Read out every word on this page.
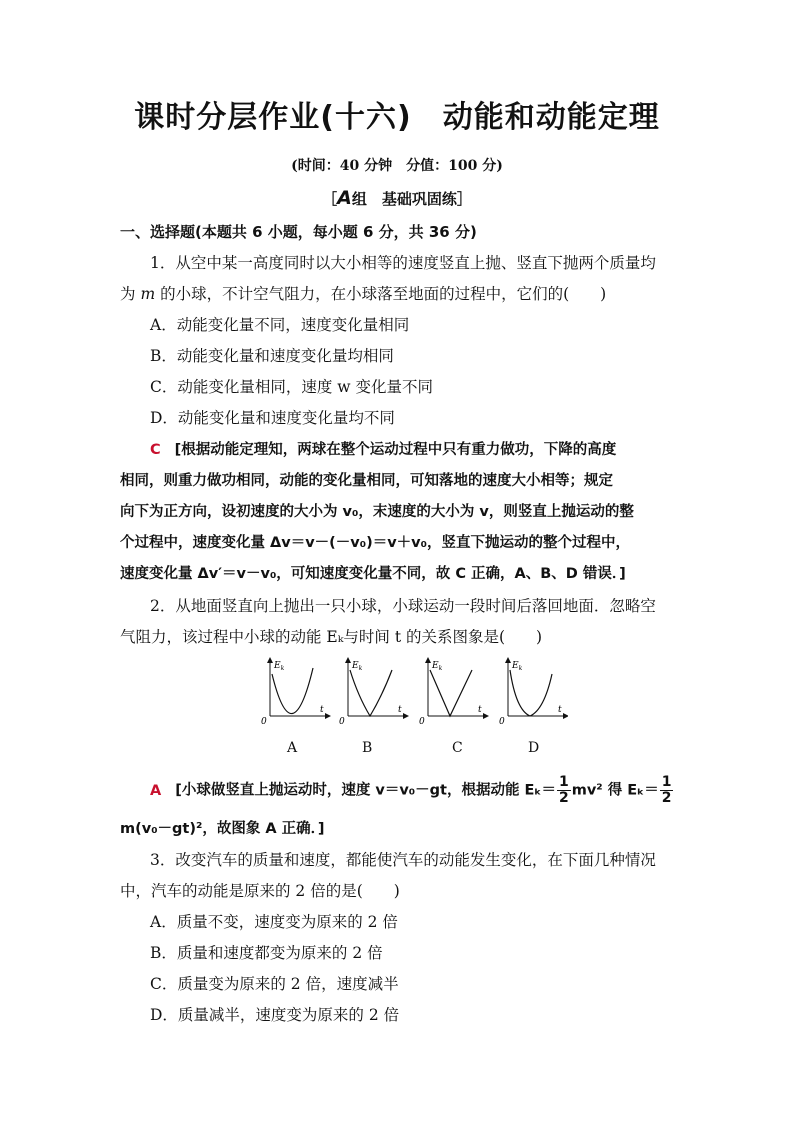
课时分层作业(十六)　动能和动能定理
(时间：40 分钟　分值：100 分)
［A组　基础巩固练］
一、选择题(本题共 6 小题，每小题 6 分，共 36 分)
1．从空中某一高度同时以大小相等的速度竖直上抛、竖直下抛两个质量均
为 m 的小球，不计空气阻力，在小球落至地面的过程中，它们的(　　)
A．动能变化量不同，速度变化量相同
B．动能变化量和速度变化量均相同
C．动能变化量相同，速度 w 变化量不同
D．动能变化量和速度变化量均不同
C [根据动能定理知，两球在整个运动过程中只有重力做功，下降的高度
相同，则重力做功相同，动能的变化量相同，可知落地的速度大小相等；规定
向下为正方向，设初速度的大小为 v₀，末速度的大小为 v，则竖直上抛运动的整
个过程中，速度变化量 Δv＝v－(－v₀)＝v＋v₀，竖直下抛运动的整个过程中，
速度变化量 Δv′＝v－v₀，可知速度变化量不同，故 C 正确，A、B、D 错误．]
2．从地面竖直向上抛出一只小球，小球运动一段时间后落回地面．忽略空
气阻力，该过程中小球的动能 Eₖ与时间 t 的关系图象是(　　)
$E_k$
0
t
$E_k$
0
t
$E_k$
0
t
$E_k$
0
t
A	B	C	D
A [小球做竖直上抛运动时，速度 v＝v₀－gt，根据动能 $E_k= \frac{1}{2} mv^2$ 得 $E_k= \frac{1}{2}$
m(v₀－gt)²，故图象 A 正确．]
3．改变汽车的质量和速度，都能使汽车的动能发生变化，在下面几种情况
中，汽车的动能是原来的 2 倍的是(　　)
A．质量不变，速度变为原来的 2 倍
B．质量和速度都变为原来的 2 倍
C．质量变为原来的 2 倍，速度减半
D．质量减半，速度变为原来的 2 倍
